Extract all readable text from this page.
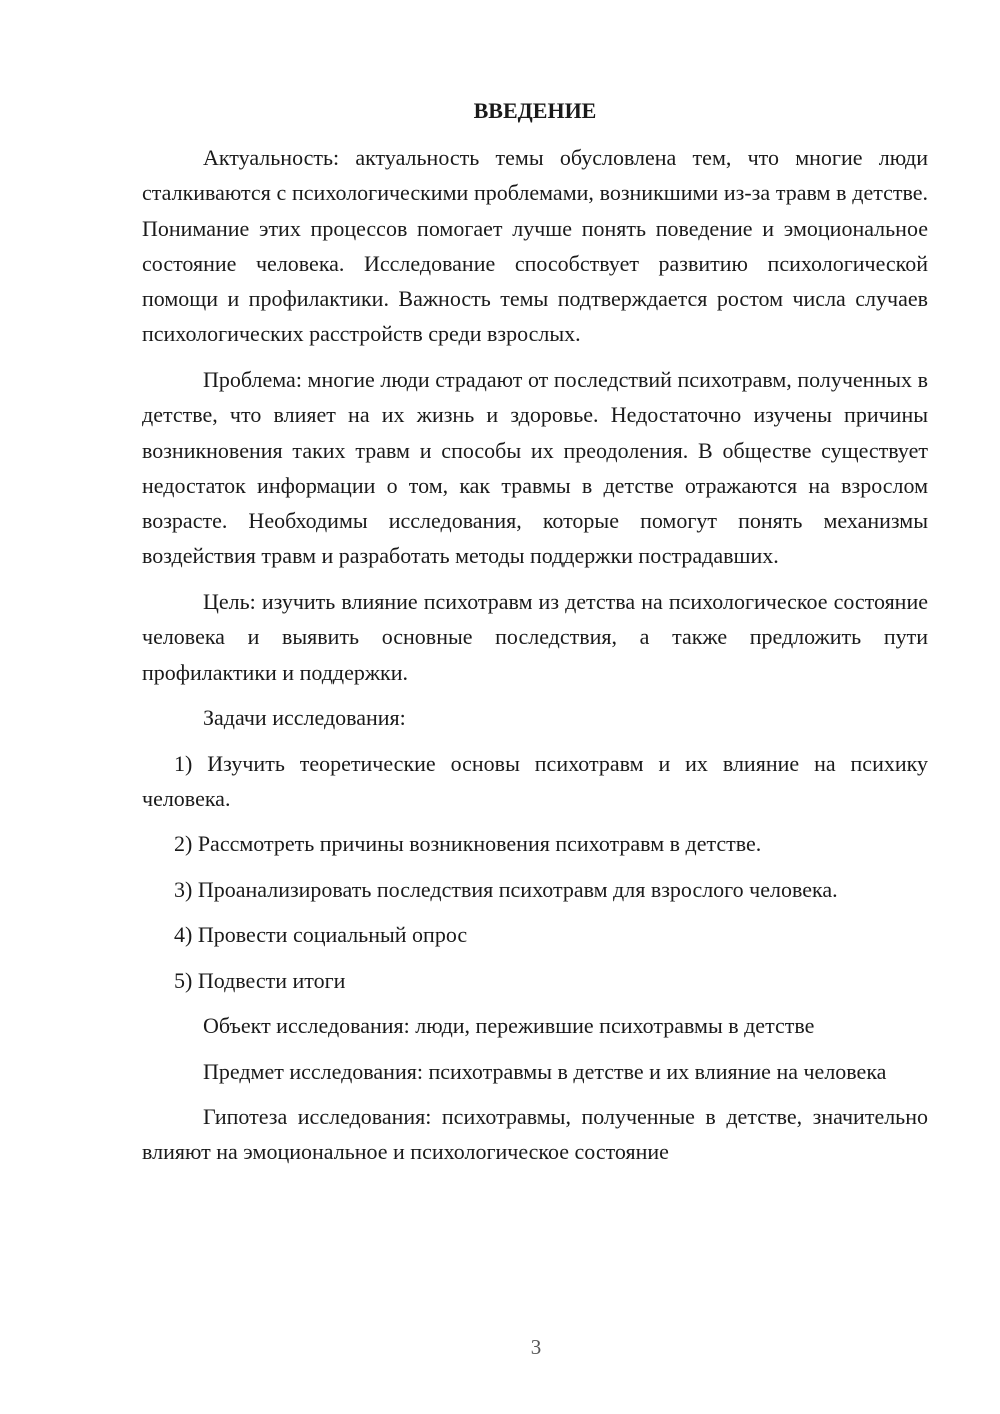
ВВЕДЕНИЕ

Актуальность: актуальность темы обусловлена тем, что многие люди сталкиваются с психологическими проблемами, возникшими из-за травм в детстве. Понимание этих процессов помогает лучше понять поведение и эмоциональное состояние человека. Исследование способствует развитию психологической помощи и профилактики. Важность темы подтверждается ростом числа случаев психологических расстройств среди взрослых.

Проблема: многие люди страдают от последствий психотравм, полученных в детстве, что влияет на их жизнь и здоровье. Недостаточно изучены причины возникновения таких травм и способы их преодоления. В обществе существует недостаток информации о том, как травмы в детстве отражаются на взрослом возрасте. Необходимы исследования, которые помогут понять механизмы воздействия травм и разработать методы поддержки пострадавших.

Цель: изучить влияние психотравм из детства на психологическое состояние человека и выявить основные последствия, а также предложить пути профилактики и поддержки.

Задачи исследования:

1) Изучить теоретические основы психотравм и их влияние на психику человека.

2) Рассмотреть причины возникновения психотравм в детстве.

3) Проанализировать последствия психотравм для взрослого человека.

4) Провести социальный опрос

5) Подвести итоги

Объект исследования: люди, пережившие психотравмы в детстве

Предмет исследования: психотравмы в детстве и их влияние на человека

Гипотеза исследования: психотравмы, полученные в детстве, значительно влияют на эмоциональное и психологическое состояние

3
